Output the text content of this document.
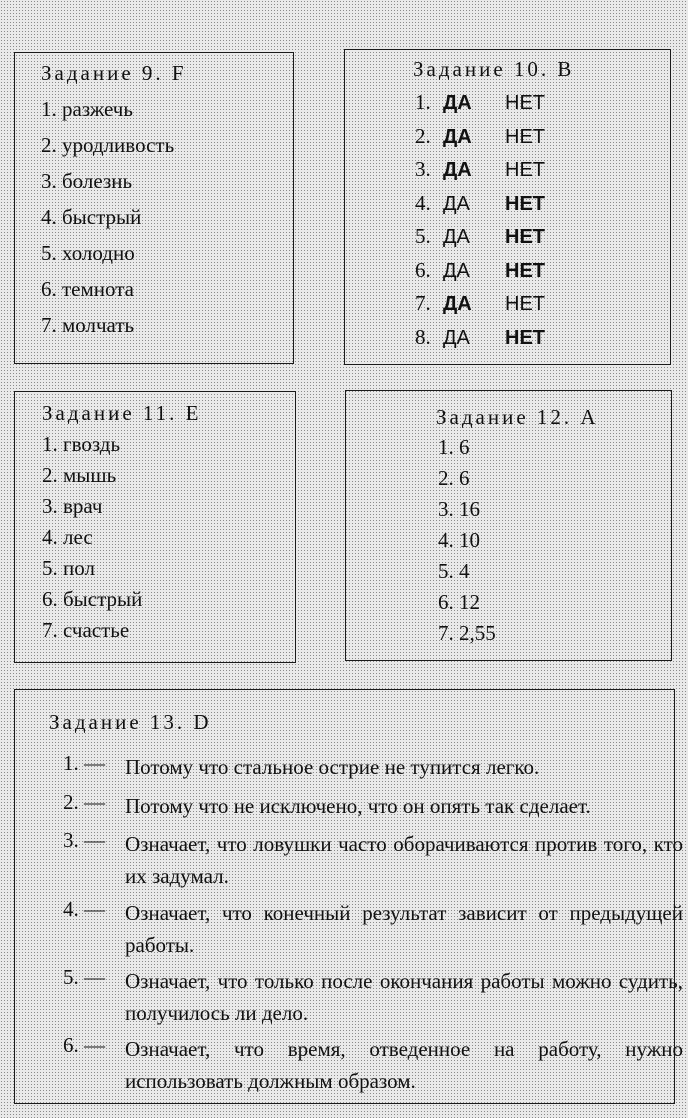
Задание 9. F
1. разжечь
2. уродливость
3. болезнь
4. быстрый
5. холодно
6. темнота
7. молчать
Задание 10. B
1. ДА НЕТ
2. ДА НЕТ
3. ДА НЕТ
4. ДА НЕТ
5. ДА НЕТ
6. ДА НЕТ
7. ДА НЕТ
8. ДА НЕТ
Задание 11. E
1. гвоздь
2. мышь
3. врач
4. лес
5. пол
6. быстрый
7. счастье
Задание 12. A
1. 6
2. 6
3. 16
4. 10
5. 4
6. 12
7. 2,55
Задание 13. D
1. — Потому что стальное острие не тупится легко.
2. — Потому что не исключено, что он опять так сделает.
3. — Означает, что ловушки часто оборачиваются против того, кто их задумал.
4. — Означает, что конечный результат зависит от предыдущей работы.
5. — Означает, что только после окончания работы можно судить, получилось ли дело.
6. — Означает, что время, отведенное на работу, нужно использовать должным образом.
